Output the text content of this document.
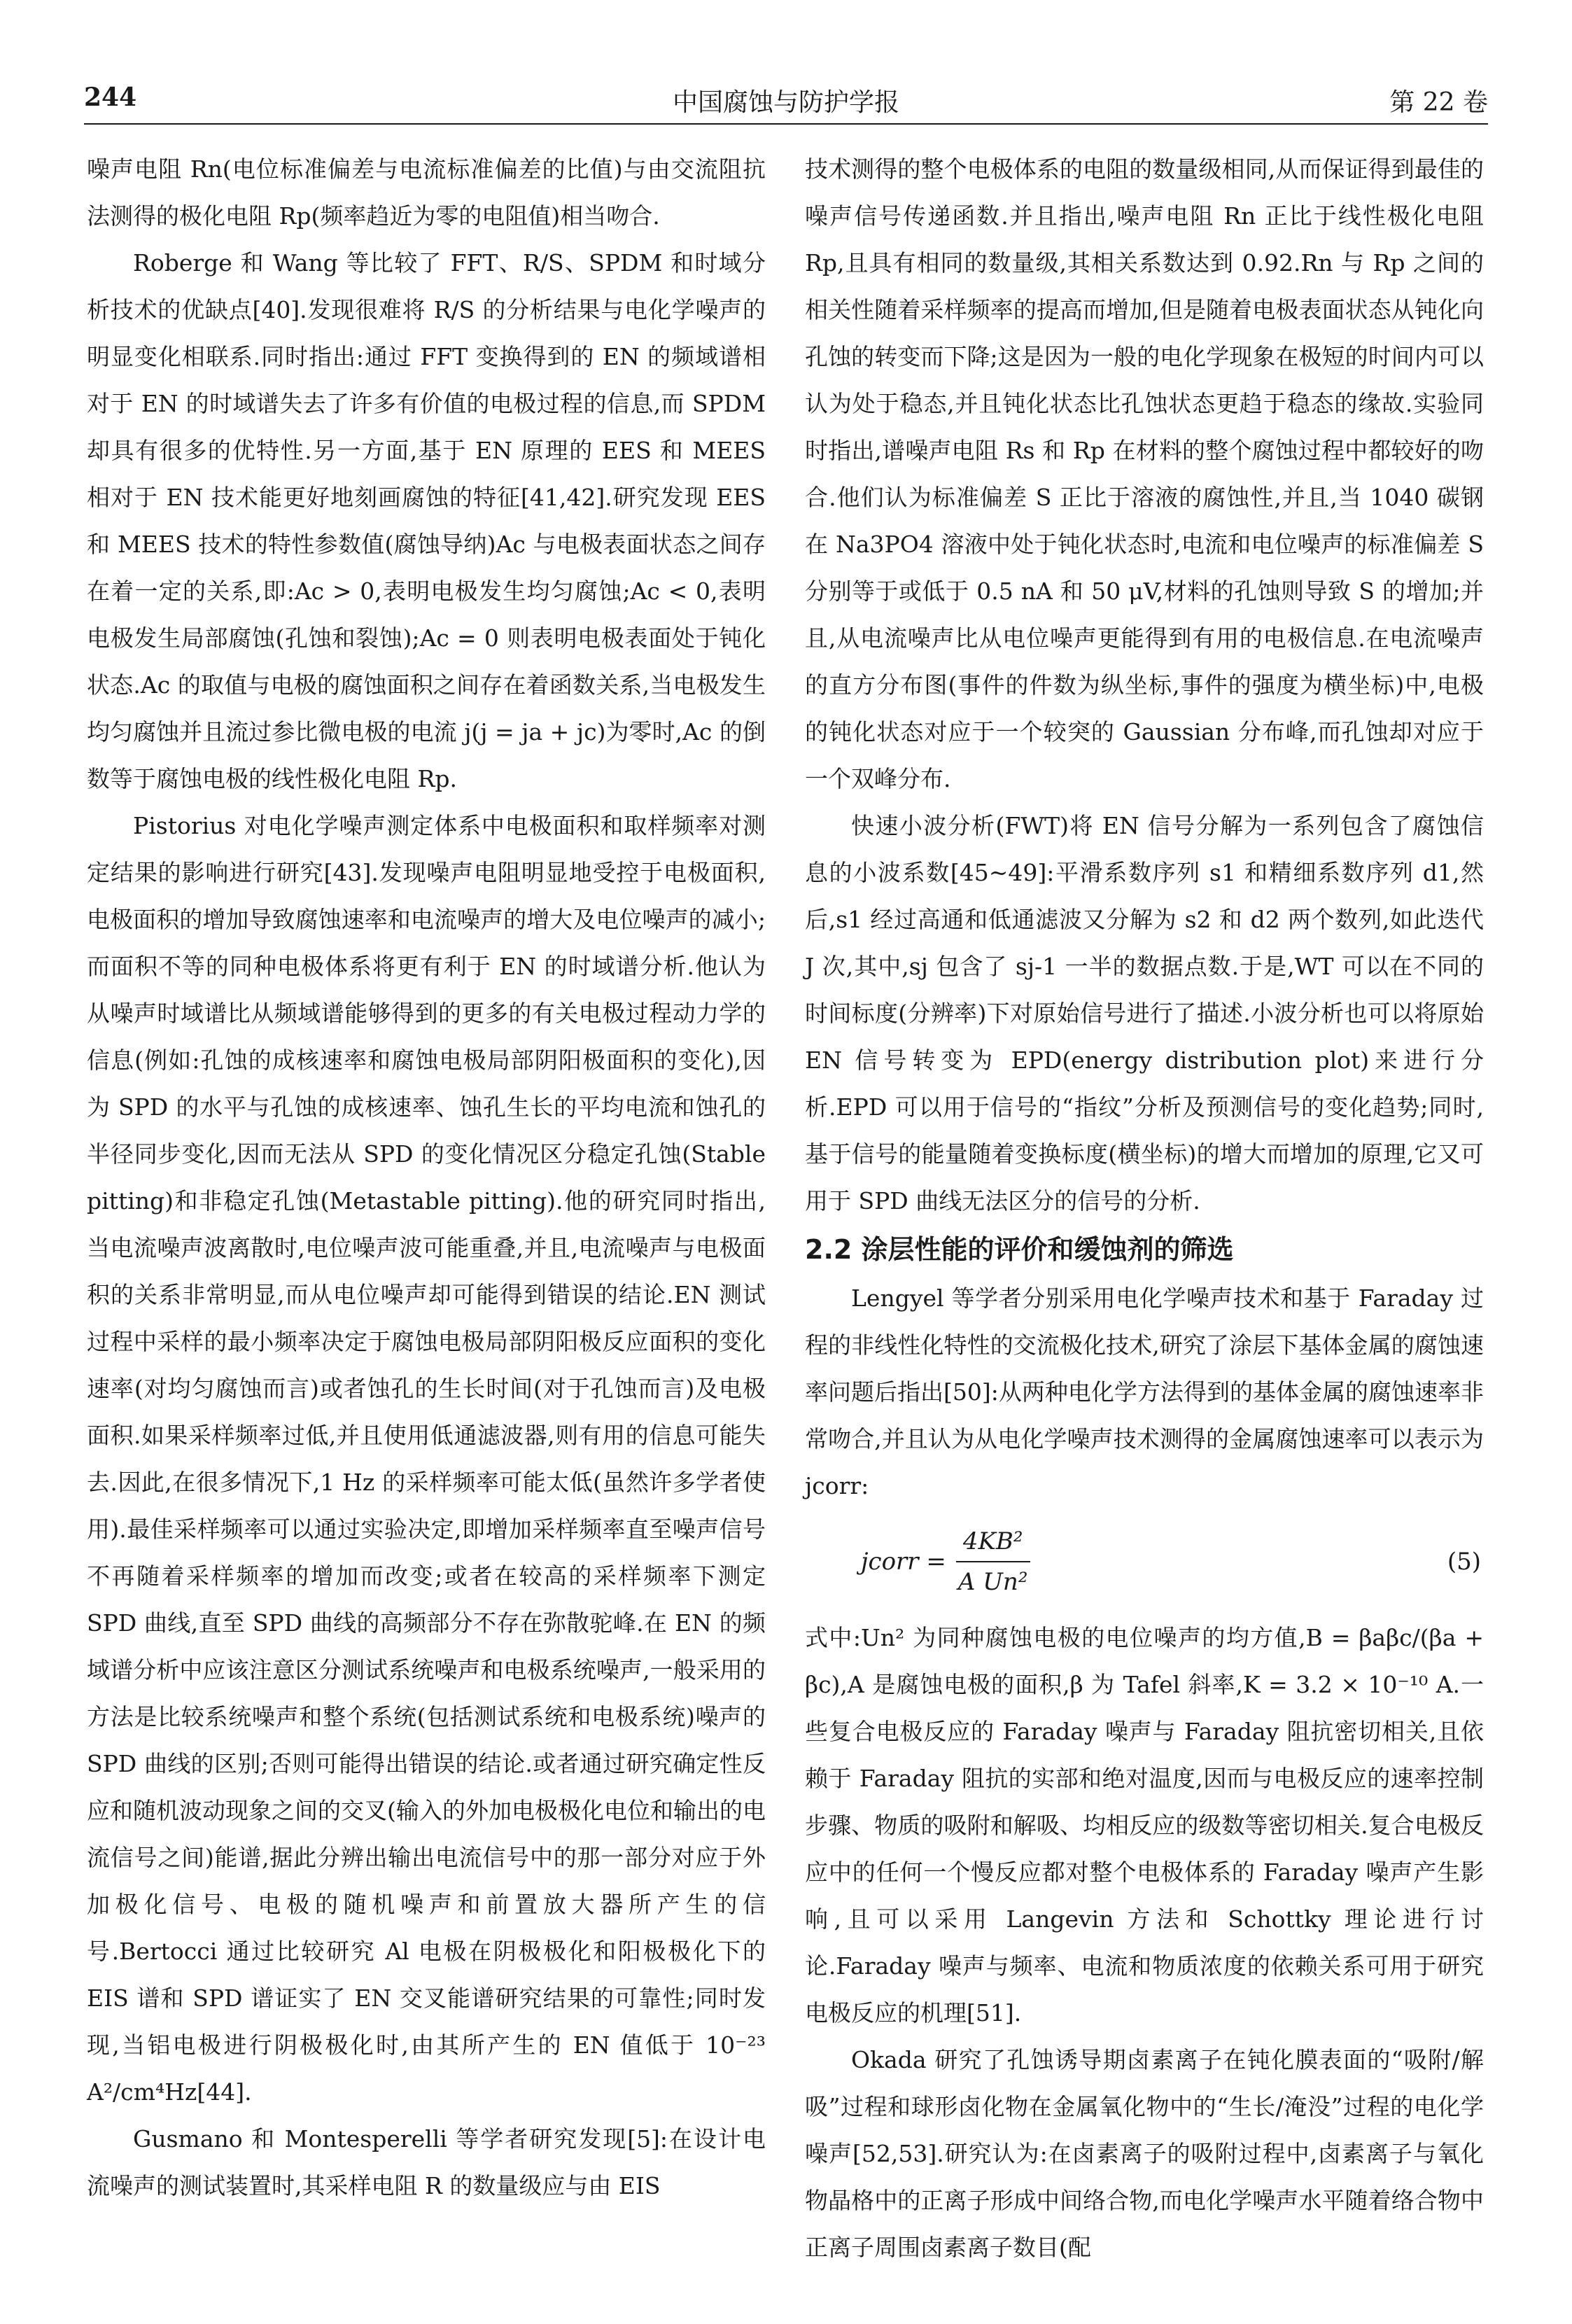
244	中国腐蚀与防护学报	第 22 卷

噪声电阻 Rn(电位标准偏差与电流标准偏差的比值)与由交流阻抗法测得的极化电阻 Rp(频率趋近为零的电阻值)相当吻合.

Roberge 和 Wang 等比较了 FFT、R/S、SPDM 和时域分析技术的优缺点[40].发现很难将 R/S 的分析结果与电化学噪声的明显变化相联系.同时指出:通过 FFT 变换得到的 EN 的频域谱相对于 EN 的时域谱失去了许多有价值的电极过程的信息,而 SPDM 却具有很多的优特性.另一方面,基于 EN 原理的 EES 和 MEES 相对于 EN 技术能更好地刻画腐蚀的特征[41,42].研究发现 EES 和 MEES 技术的特性参数值(腐蚀导纳)Ac 与电极表面状态之间存在着一定的关系,即:Ac > 0,表明电极发生均匀腐蚀;Ac < 0,表明电极发生局部腐蚀(孔蚀和裂蚀);Ac = 0 则表明电极表面处于钝化状态.Ac 的取值与电极的腐蚀面积之间存在着函数关系,当电极发生均匀腐蚀并且流过参比微电极的电流 j(j = ja + jc)为零时,Ac 的倒数等于腐蚀电极的线性极化电阻 Rp.

Pistorius 对电化学噪声测定体系中电极面积和取样频率对测定结果的影响进行研究[43].发现噪声电阻明显地受控于电极面积,电极面积的增加导致腐蚀速率和电流噪声的增大及电位噪声的减小;而面积不等的同种电极体系将更有利于 EN 的时域谱分析.他认为从噪声时域谱比从频域谱能够得到的更多的有关电极过程动力学的信息(例如:孔蚀的成核速率和腐蚀电极局部阴阳极面积的变化),因为 SPD 的水平与孔蚀的成核速率、蚀孔生长的平均电流和蚀孔的半径同步变化,因而无法从 SPD 的变化情况区分稳定孔蚀(Stable pitting)和非稳定孔蚀(Metastable pitting).他的研究同时指出,当电流噪声波离散时,电位噪声波可能重叠,并且,电流噪声与电极面积的关系非常明显,而从电位噪声却可能得到错误的结论.EN 测试过程中采样的最小频率决定于腐蚀电极局部阴阳极反应面积的变化速率(对均匀腐蚀而言)或者蚀孔的生长时间(对于孔蚀而言)及电极面积.如果采样频率过低,并且使用低通滤波器,则有用的信息可能失去.因此,在很多情况下,1 Hz 的采样频率可能太低(虽然许多学者使用).最佳采样频率可以通过实验决定,即增加采样频率直至噪声信号不再随着采样频率的增加而改变;或者在较高的采样频率下测定 SPD 曲线,直至 SPD 曲线的高频部分不存在弥散驼峰.在 EN 的频域谱分析中应该注意区分测试系统噪声和电极系统噪声,一般采用的方法是比较系统噪声和整个系统(包括测试系统和电极系统)噪声的 SPD 曲线的区别;否则可能得出错误的结论.或者通过研究确定性反应和随机波动现象之间的交叉(输入的外加电极极化电位和输出的电流信号之间)能谱,据此分辨出输出电流信号中的那一部分对应于外加极化信号、电极的随机噪声和前置放大器所产生的信号.Bertocci 通过比较研究 Al 电极在阴极极化和阳极极化下的 EIS 谱和 SPD 谱证实了 EN 交叉能谱研究结果的可靠性;同时发现,当铝电极进行阴极极化时,由其所产生的 EN 值低于 10⁻²³ A²/cm⁴Hz[44].

Gusmano 和 Montesperelli 等学者研究发现[5]:在设计电流噪声的测试装置时,其采样电阻 R 的数量级应与由 EIS

技术测得的整个电极体系的电阻的数量级相同,从而保证得到最佳的噪声信号传递函数.并且指出,噪声电阻 Rn 正比于线性极化电阻 Rp,且具有相同的数量级,其相关系数达到 0.92.Rn 与 Rp 之间的相关性随着采样频率的提高而增加,但是随着电极表面状态从钝化向孔蚀的转变而下降;这是因为一般的电化学现象在极短的时间内可以认为处于稳态,并且钝化状态比孔蚀状态更趋于稳态的缘故.实验同时指出,谱噪声电阻 Rs 和 Rp 在材料的整个腐蚀过程中都较好的吻合.他们认为标准偏差 S 正比于溶液的腐蚀性,并且,当 1040 碳钢在 Na3PO4 溶液中处于钝化状态时,电流和电位噪声的标准偏差 S 分别等于或低于 0.5 nA 和 50 μV,材料的孔蚀则导致 S 的增加;并且,从电流噪声比从电位噪声更能得到有用的电极信息.在电流噪声的直方分布图(事件的件数为纵坐标,事件的强度为横坐标)中,电极的钝化状态对应于一个较突的 Gaussian 分布峰,而孔蚀却对应于一个双峰分布.

快速小波分析(FWT)将 EN 信号分解为一系列包含了腐蚀信息的小波系数[45~49]:平滑系数序列 s1 和精细系数序列 d1,然后,s1 经过高通和低通滤波又分解为 s2 和 d2 两个数列,如此迭代 J 次,其中,sj 包含了 sj-1 一半的数据点数.于是,WT 可以在不同的时间标度(分辨率)下对原始信号进行了描述.小波分析也可以将原始 EN 信号转变为 EPD(energy distribution plot)来进行分析.EPD 可以用于信号的“指纹”分析及预测信号的变化趋势;同时,基于信号的能量随着变换标度(横坐标)的增大而增加的原理,它又可用于 SPD 曲线无法区分的信号的分析.

2.2 涂层性能的评价和缓蚀剂的筛选

Lengyel 等学者分别采用电化学噪声技术和基于 Faraday 过程的非线性化特性的交流极化技术,研究了涂层下基体金属的腐蚀速率问题后指出[50]:从两种电化学方法得到的基体金属的腐蚀速率非常吻合,并且认为从电化学噪声技术测得的金属腐蚀速率可以表示为 jcorr:

jcorr = $\frac{\text{4KB²}}{\text{A Un²}}$	(5)

式中:Un² 为同种腐蚀电极的电位噪声的均方值,B = βaβc/(βa + βc),A 是腐蚀电极的面积,β 为 Tafel 斜率,K = 3.2 × 10⁻¹⁰ A.一些复合电极反应的 Faraday 噪声与 Faraday 阻抗密切相关,且依赖于 Faraday 阻抗的实部和绝对温度,因而与电极反应的速率控制步骤、物质的吸附和解吸、均相反应的级数等密切相关.复合电极反应中的任何一个慢反应都对整个电极体系的 Faraday 噪声产生影响,且可以采用 Langevin 方法和 Schottky 理论进行讨论.Faraday 噪声与频率、电流和物质浓度的依赖关系可用于研究电极反应的机理[51].

Okada 研究了孔蚀诱导期卤素离子在钝化膜表面的“吸附/解吸”过程和球形卤化物在金属氧化物中的“生长/淹没”过程的电化学噪声[52,53].研究认为:在卤素离子的吸附过程中,卤素离子与氧化物晶格中的正离子形成中间络合物,而电化学噪声水平随着络合物中正离子周围卤素离子数目(配
